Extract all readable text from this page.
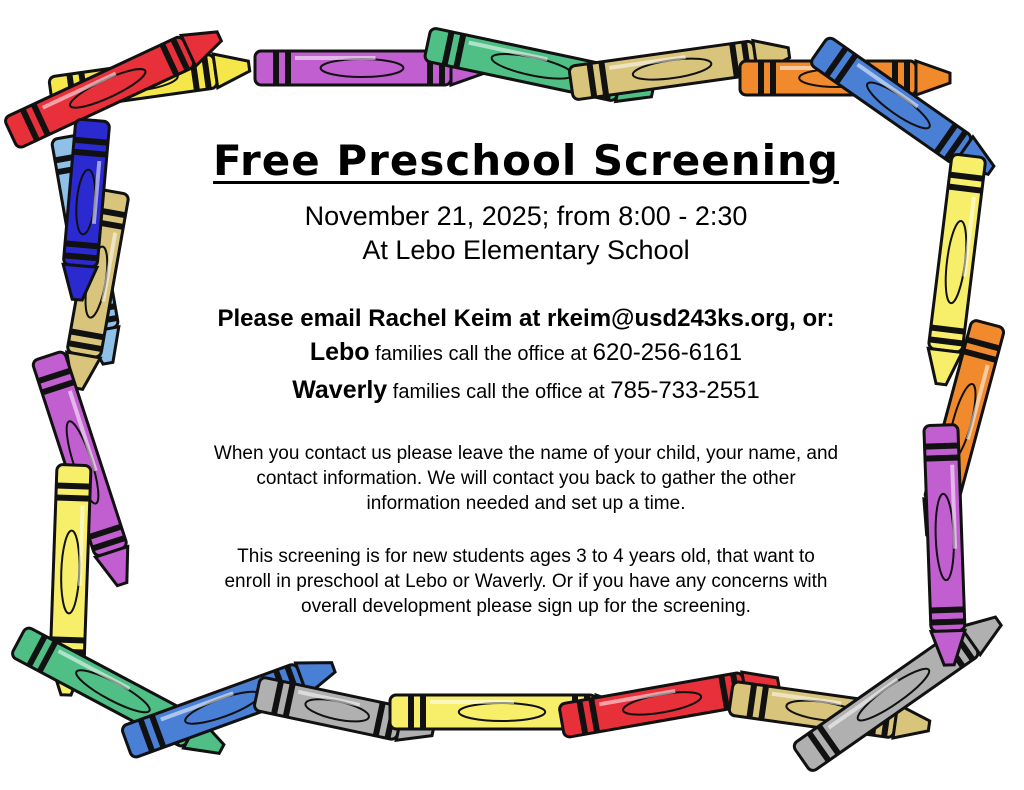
Free Preschool Screening

November 21, 2025; from 8:00 - 2:30

At Lebo Elementary School

Please email Rachel Keim at rkeim@usd243ks.org, or:

Lebo families call the office at 620-256-6161

Waverly families call the office at 785-733-2551

When you contact us please leave the name of your child, your name, and

contact information. We will contact you back to gather the other

information needed and set up a time.

This screening is for new students ages 3 to 4 years old, that want to

enroll in preschool at Lebo or Waverly. Or if you have any concerns with

overall development please sign up for the screening.
